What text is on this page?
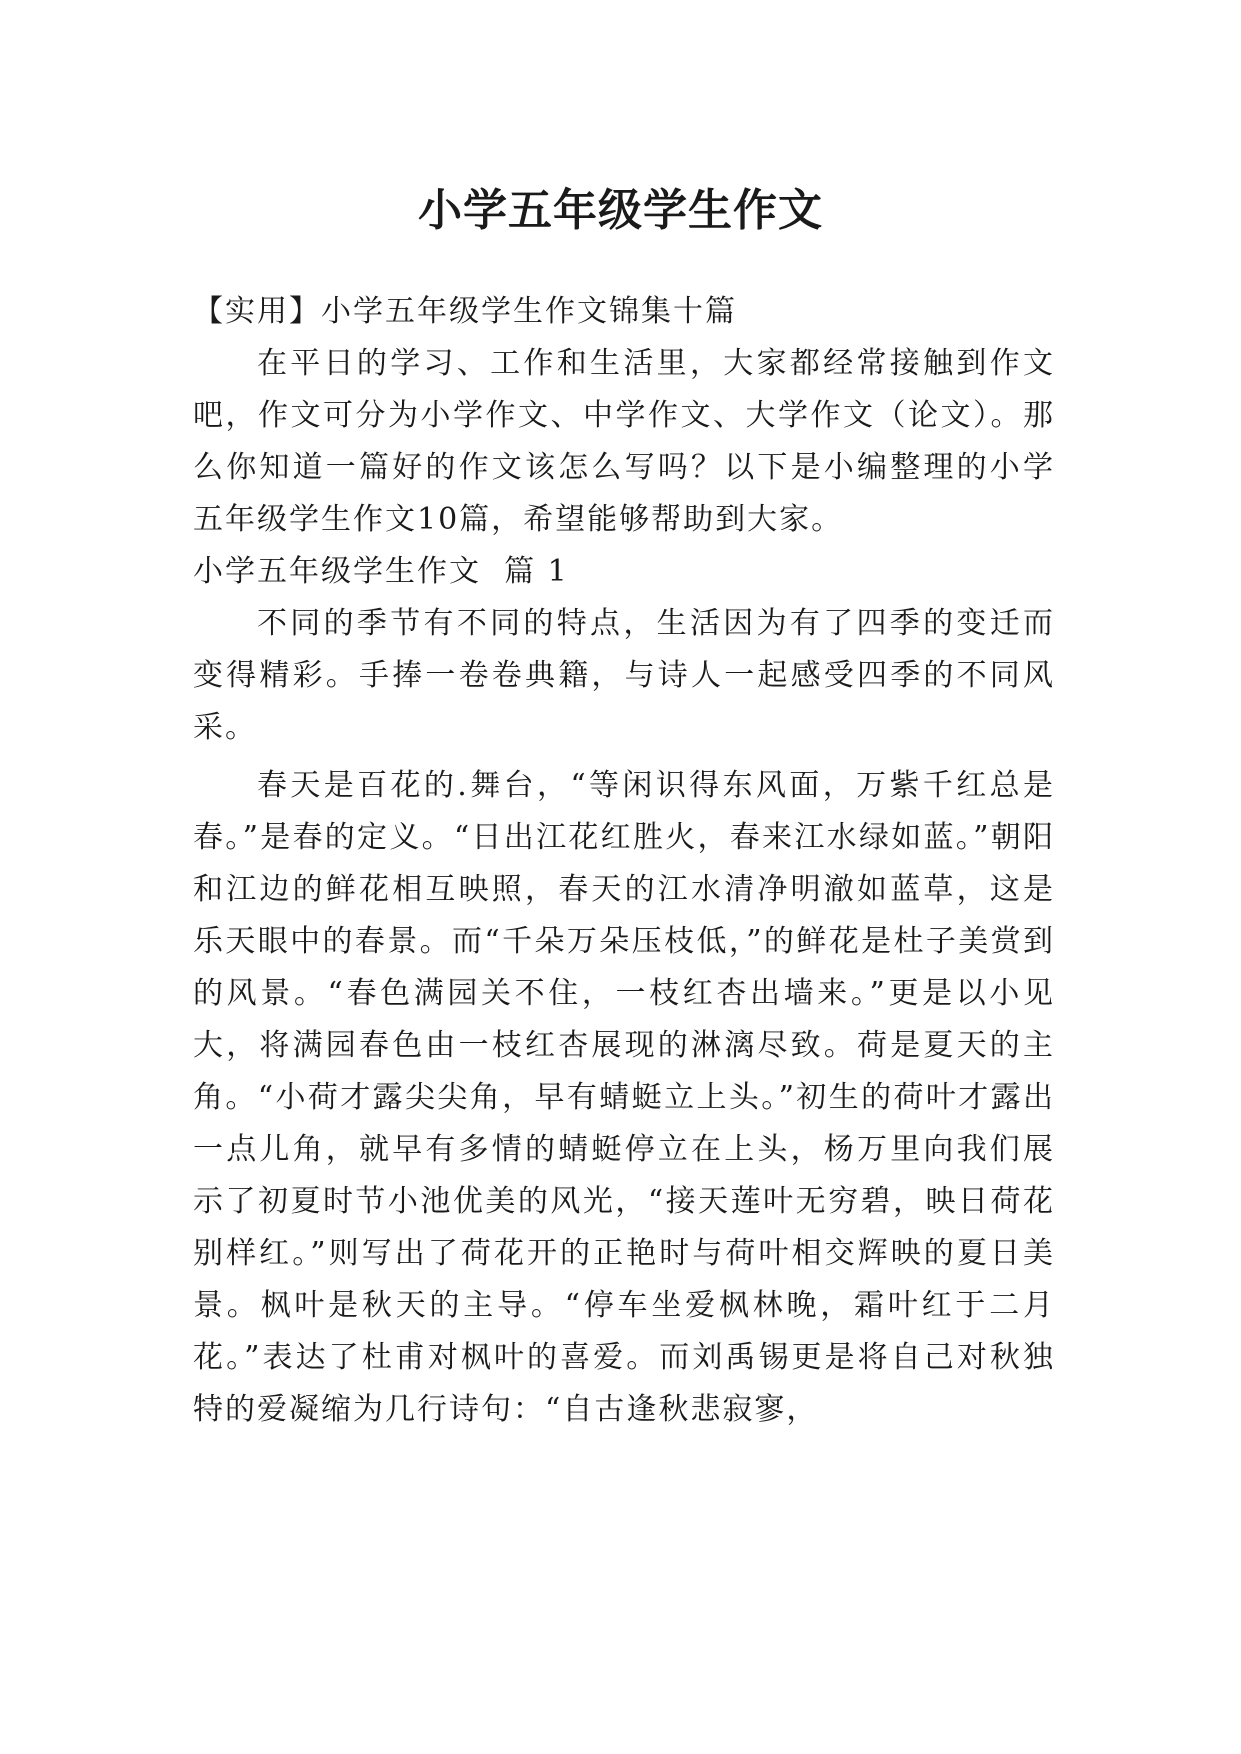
小学五年级学生作文

【实用】小学五年级学生作文锦集十篇

在平日的学习、工作和生活里，大家都经常接触到作文吧，作文可分为小学作文、中学作文、大学作文（论文）。那么你知道一篇好的作文该怎么写吗？以下是小编整理的小学五年级学生作文10篇，希望能够帮助到大家。

小学五年级学生作文  篇 1

不同的季节有不同的特点，生活因为有了四季的变迁而变得精彩。手捧一卷卷典籍，与诗人一起感受四季的不同风采。

春天是百花的.舞台，“等闲识得东风面，万紫千红总是春。”是春的定义。“日出江花红胜火，春来江水绿如蓝。”朝阳和江边的鲜花相互映照，春天的江水清净明澈如蓝草，这是乐天眼中的春景。而“千朵万朵压枝低，”的鲜花是杜子美赏到的风景。“春色满园关不住，一枝红杏出墙来。”更是以小见大，将满园春色由一枝红杏展现的淋漓尽致。荷是夏天的主角。“小荷才露尖尖角，早有蜻蜓立上头。”初生的荷叶才露出一点儿角，就早有多情的蜻蜓停立在上头，杨万里向我们展示了初夏时节小池优美的风光，“接天莲叶无穷碧，映日荷花别样红。”则写出了荷花开的正艳时与荷叶相交辉映的夏日美景。枫叶是秋天的主导。“停车坐爱枫林晚，霜叶红于二月花。”表达了杜甫对枫叶的喜爱。而刘禹锡更是将自己对秋独特的爱凝缩为几行诗句：“自古逢秋悲寂寥，
